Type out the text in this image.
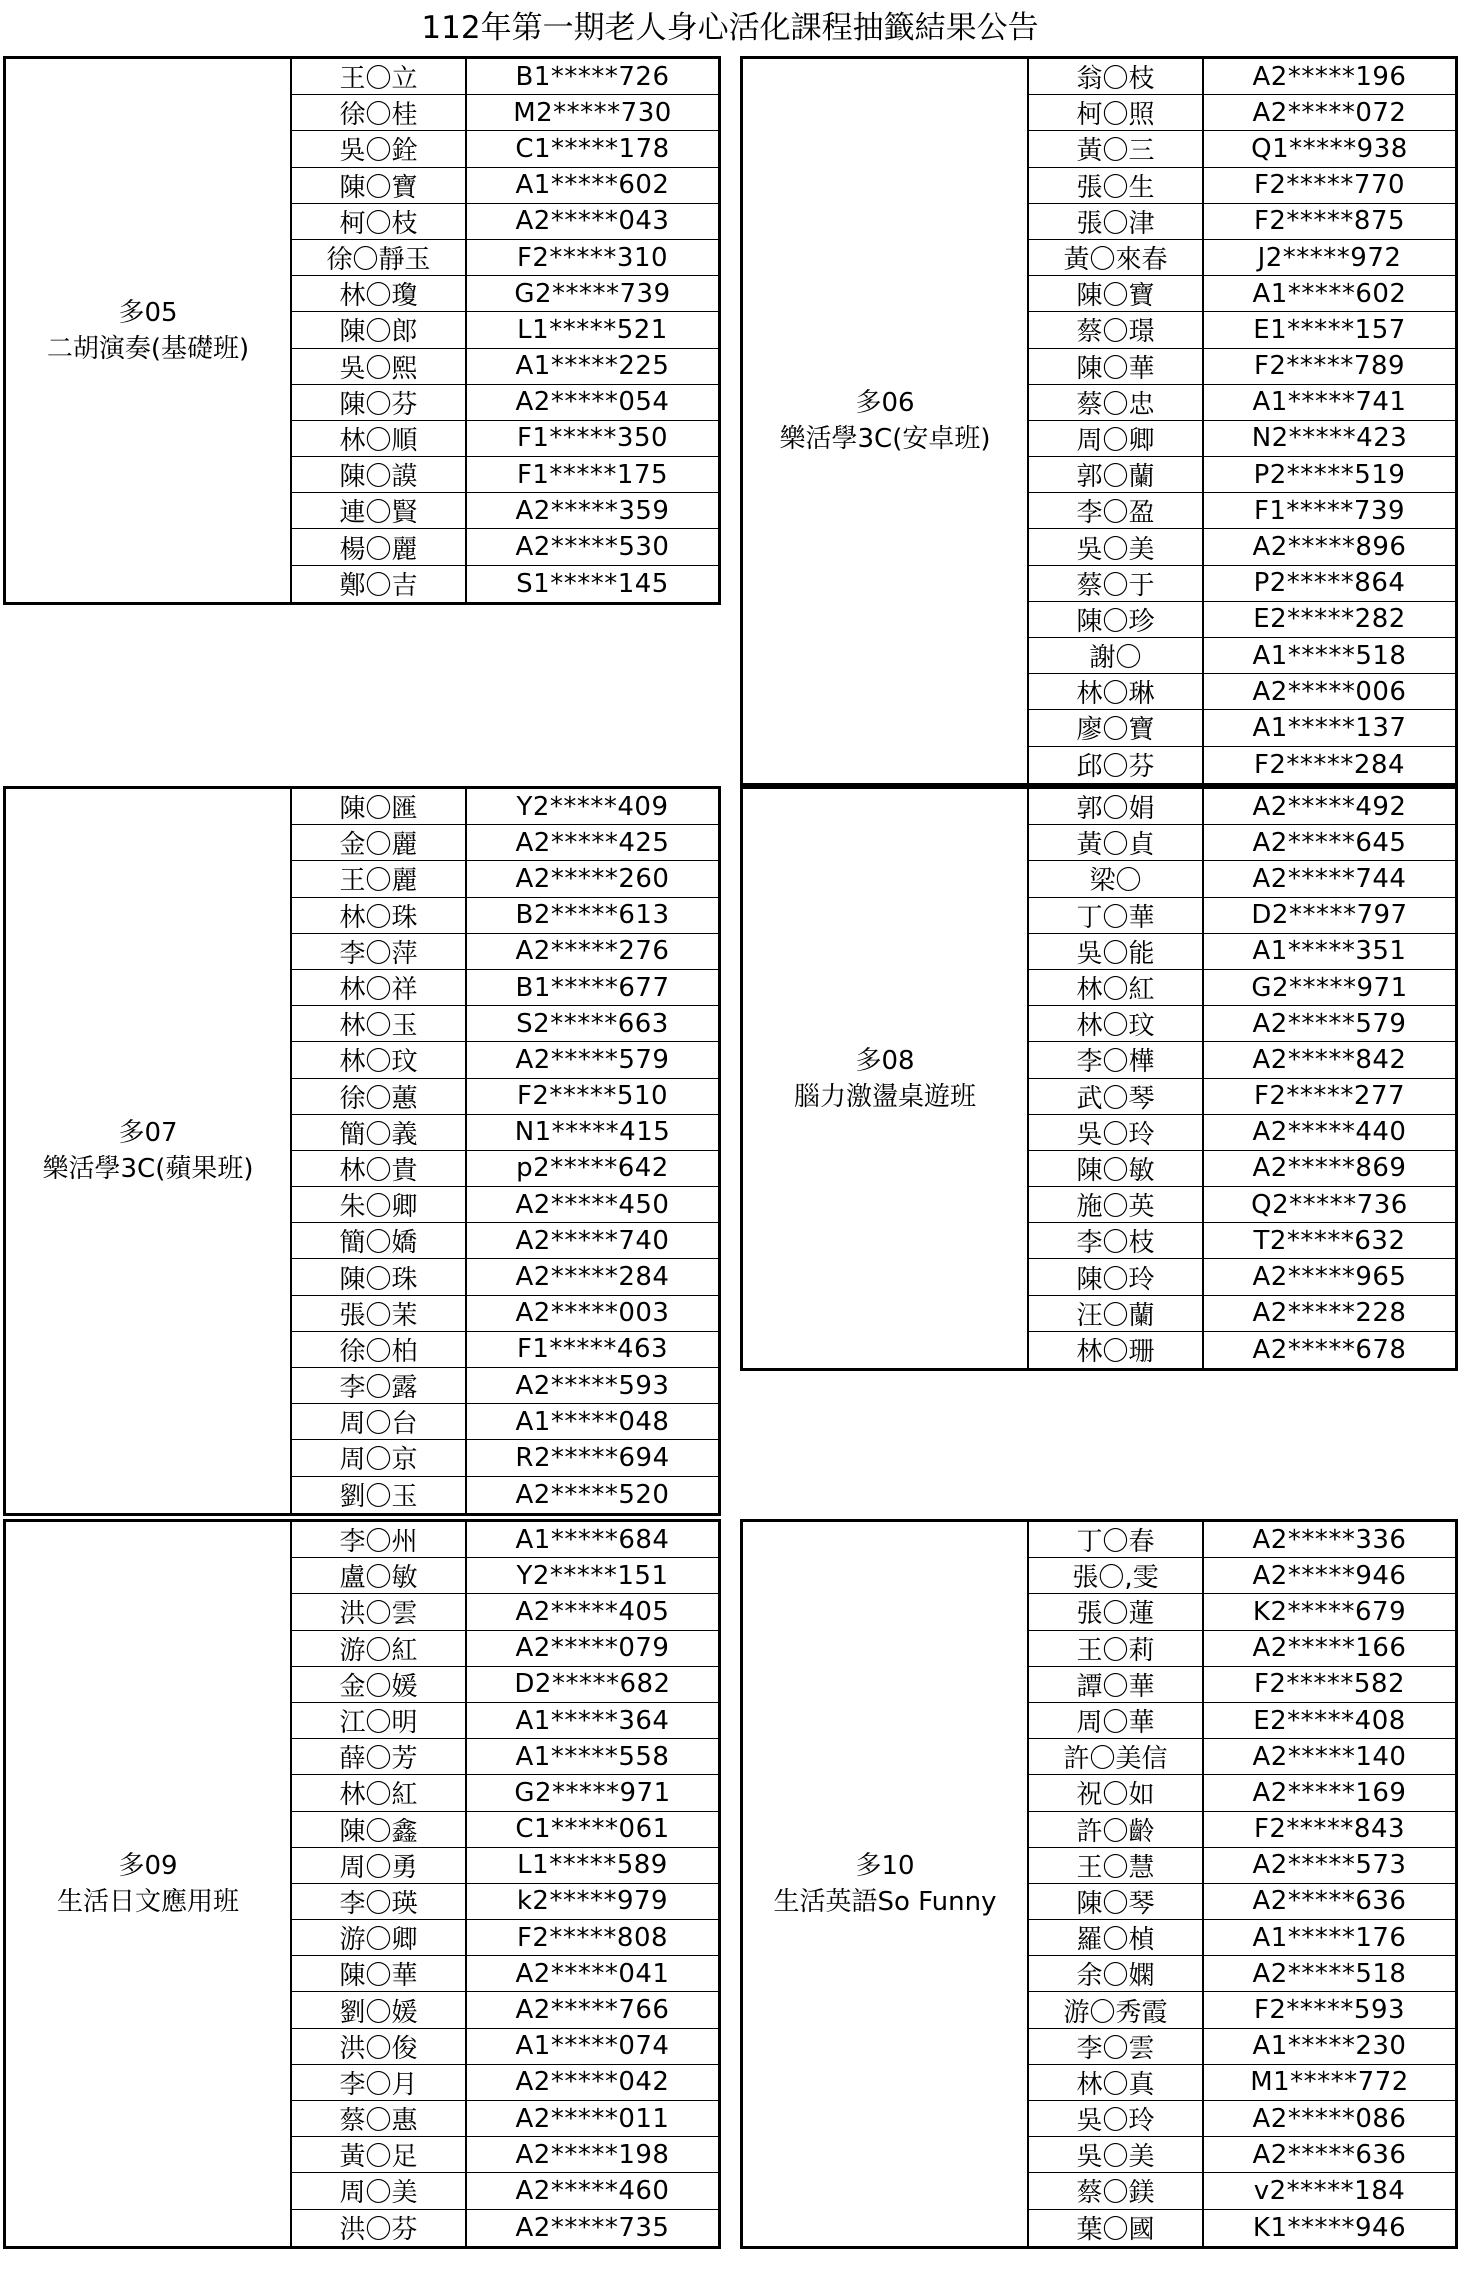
112年第一期老人身心活化課程抽籤結果公告
多05
二胡演奏(基礎班)
王〇立	B1*****726
徐〇桂	M2*****730
吳〇銓	C1*****178
陳〇寶	A1*****602
柯〇枝	A2*****043
徐〇靜玉	F2*****310
林〇瓊	G2*****739
陳〇郎	L1*****521
吳〇熙	A1*****225
陳〇芬	A2*****054
林〇順	F1*****350
陳〇謨	F1*****175
連〇賢	A2*****359
楊〇麗	A2*****530
鄭〇吉	S1*****145
多06
樂活學3C(安卓班)
翁〇枝	A2*****196
柯〇照	A2*****072
黃〇三	Q1*****938
張〇生	F2*****770
張〇津	F2*****875
黃〇來春	J2*****972
陳〇寶	A1*****602
蔡〇璟	E1*****157
陳〇華	F2*****789
蔡〇忠	A1*****741
周〇卿	N2*****423
郭〇蘭	P2*****519
李〇盈	F1*****739
吳〇美	A2*****896
蔡〇于	P2*****864
陳〇珍	E2*****282
謝〇	A1*****518
林〇琳	A2*****006
廖〇寶	A1*****137
邱〇芬	F2*****284
多07
樂活學3C(蘋果班)
陳〇匯	Y2*****409
金〇麗	A2*****425
王〇麗	A2*****260
林〇珠	B2*****613
李〇萍	A2*****276
林〇祥	B1*****677
林〇玉	S2*****663
林〇玟	A2*****579
徐〇蕙	F2*****510
簡〇義	N1*****415
林〇貴	p2*****642
朱〇卿	A2*****450
簡〇嬌	A2*****740
陳〇珠	A2*****284
張〇茉	A2*****003
徐〇柏	F1*****463
李〇露	A2*****593
周〇台	A1*****048
周〇京	R2*****694
劉〇玉	A2*****520
多08
腦力激盪桌遊班
郭〇娟	A2*****492
黃〇貞	A2*****645
梁〇	A2*****744
丁〇華	D2*****797
吳〇能	A1*****351
林〇紅	G2*****971
林〇玟	A2*****579
李〇樺	A2*****842
武〇琴	F2*****277
吳〇玲	A2*****440
陳〇敏	A2*****869
施〇英	Q2*****736
李〇枝	T2*****632
陳〇玲	A2*****965
汪〇蘭	A2*****228
林〇珊	A2*****678
多09
生活日文應用班
李〇州	A1*****684
盧〇敏	Y2*****151
洪〇雲	A2*****405
游〇紅	A2*****079
金〇媛	D2*****682
江〇明	A1*****364
薛〇芳	A1*****558
林〇紅	G2*****971
陳〇鑫	C1*****061
周〇勇	L1*****589
李〇瑛	k2*****979
游〇卿	F2*****808
陳〇華	A2*****041
劉〇媛	A2*****766
洪〇俊	A1*****074
李〇月	A2*****042
蔡〇惠	A2*****011
黃〇足	A2*****198
周〇美	A2*****460
洪〇芬	A2*****735
多10
生活英語So Funny
丁〇春	A2*****336
張〇,雯	A2*****946
張〇蓮	K2*****679
王〇莉	A2*****166
譚〇華	F2*****582
周〇華	E2*****408
許〇美信	A2*****140
祝〇如	A2*****169
許〇齡	F2*****843
王〇慧	A2*****573
陳〇琴	A2*****636
羅〇楨	A1*****176
余〇嫻	A2*****518
游〇秀霞	F2*****593
李〇雲	A1*****230
林〇真	M1*****772
吳〇玲	A2*****086
吳〇美	A2*****636
蔡〇鎂	v2*****184
葉〇國	K1*****946
